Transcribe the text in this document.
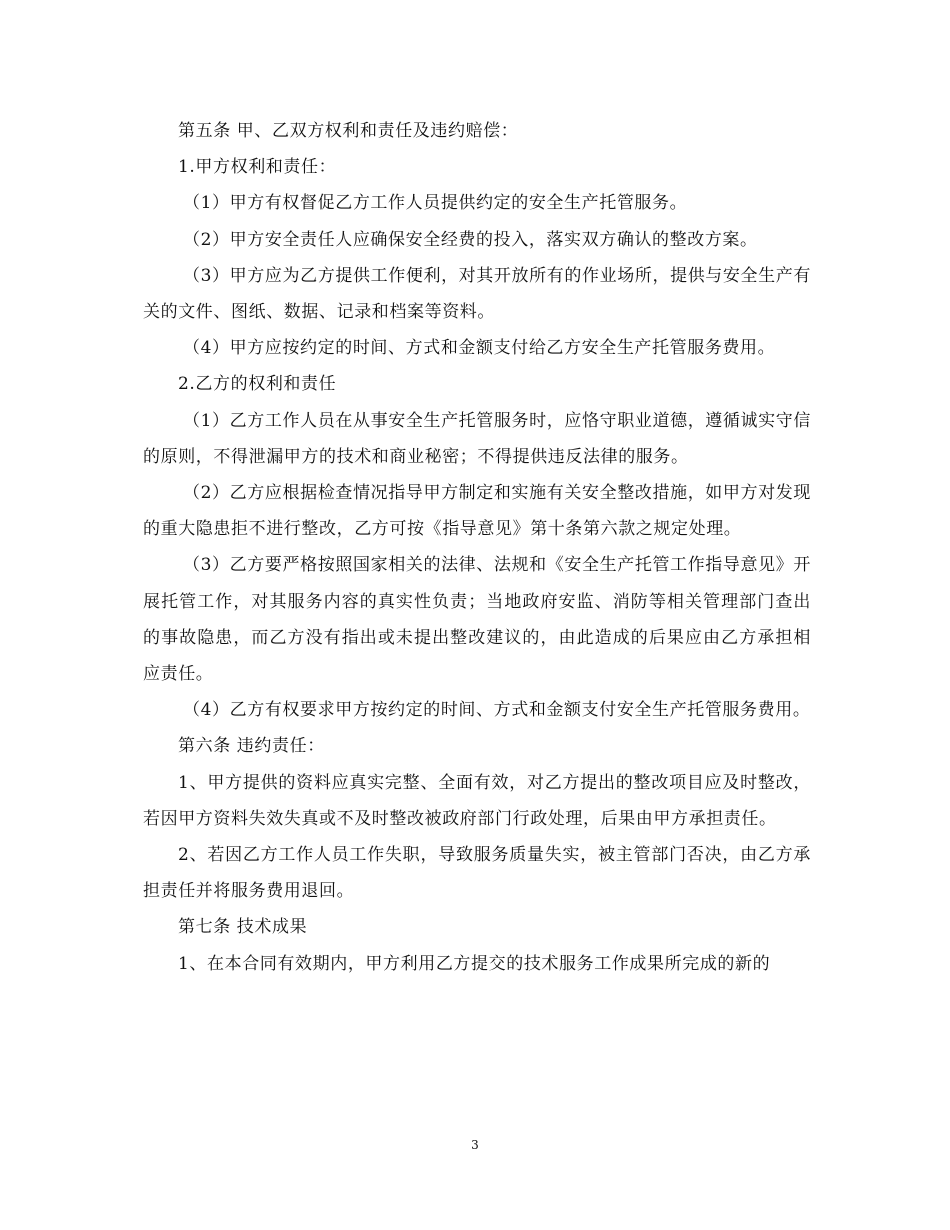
第五条 甲、乙双方权利和责任及违约赔偿：

1.甲方权利和责任：

（1）甲方有权督促乙方工作人员提供约定的安全生产托管服务。

（2）甲方安全责任人应确保安全经费的投入，落实双方确认的整改方案。

（3）甲方应为乙方提供工作便利，对其开放所有的作业场所，提供与安全生产有关的文件、图纸、数据、记录和档案等资料。

（4）甲方应按约定的时间、方式和金额支付给乙方安全生产托管服务费用。

2.乙方的权利和责任

（1）乙方工作人员在从事安全生产托管服务时，应恪守职业道德，遵循诚实守信的原则，不得泄漏甲方的技术和商业秘密；不得提供违反法律的服务。

（2）乙方应根据检查情况指导甲方制定和实施有关安全整改措施，如甲方对发现的重大隐患拒不进行整改，乙方可按《指导意见》第十条第六款之规定处理。

（3）乙方要严格按照国家相关的法律、法规和《安全生产托管工作指导意见》开展托管工作，对其服务内容的真实性负责；当地政府安监、消防等相关管理部门查出的事故隐患，而乙方没有指出或未提出整改建议的，由此造成的后果应由乙方承担相应责任。

（4）乙方有权要求甲方按约定的时间、方式和金额支付安全生产托管服务费用。

第六条 违约责任：

1、甲方提供的资料应真实完整、全面有效，对乙方提出的整改项目应及时整改，若因甲方资料失效失真或不及时整改被政府部门行政处理，后果由甲方承担责任。

2、若因乙方工作人员工作失职，导致服务质量失实，被主管部门否决，由乙方承担责任并将服务费用退回。

第七条 技术成果

1、在本合同有效期内，甲方利用乙方提交的技术服务工作成果所完成的新的

3
